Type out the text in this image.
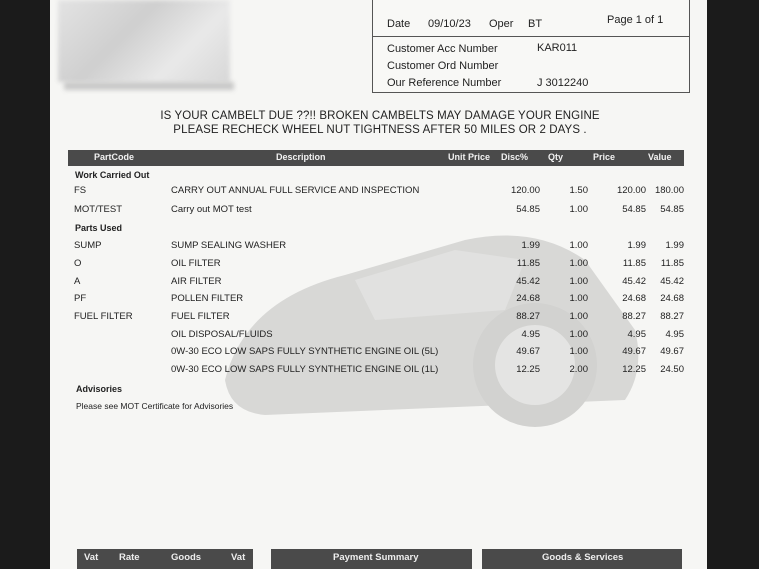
Date 09/10/23 Oper BT	Page 1 of 1
Customer Acc Number	KAR011
Customer Ord Number
Our Reference Number	J 3012240
IS YOUR CAMBELT DUE ??!! BROKEN CAMBELTS MAY DAMAGE YOUR ENGINE
PLEASE RECHECK WHEEL NUT TIGHTNESS AFTER 50 MILES OR 2 DAYS .
PartCode	Description	Unit Price Disc% Qty	Price	Value
Work Carried Out
FS	CARRY OUT ANNUAL FULL SERVICE AND INSPECTION	120.00	1.50	120.00 180.00
MOT/TEST	Carry out MOT test	54.85	1.00	54.85 54.85
Parts Used
SUMP	SUMP SEALING WASHER	1.99	1.00	1.99 1.99
O	OIL FILTER	11.85	1.00	11.85 11.85
A	AIR FILTER	45.42	1.00	45.42 45.42
PF	POLLEN FILTER	24.68	1.00	24.68 24.68
FUEL FILTER	FUEL FILTER	88.27	1.00	88.27 88.27
OIL DISPOSAL/FLUIDS	4.95	1.00	4.95 4.95
0W-30 ECO LOW SAPS FULLY SYNTHETIC ENGINE OIL (5L)	49.67	1.00	49.67 49.67
0W-30 ECO LOW SAPS FULLY SYNTHETIC ENGINE OIL (1L)	12.25	2.00	12.25 24.50
Advisories
Please see MOT Certificate for Advisories
Vat Rate	Goods	Vat	Payment Summary	Goods & Services
